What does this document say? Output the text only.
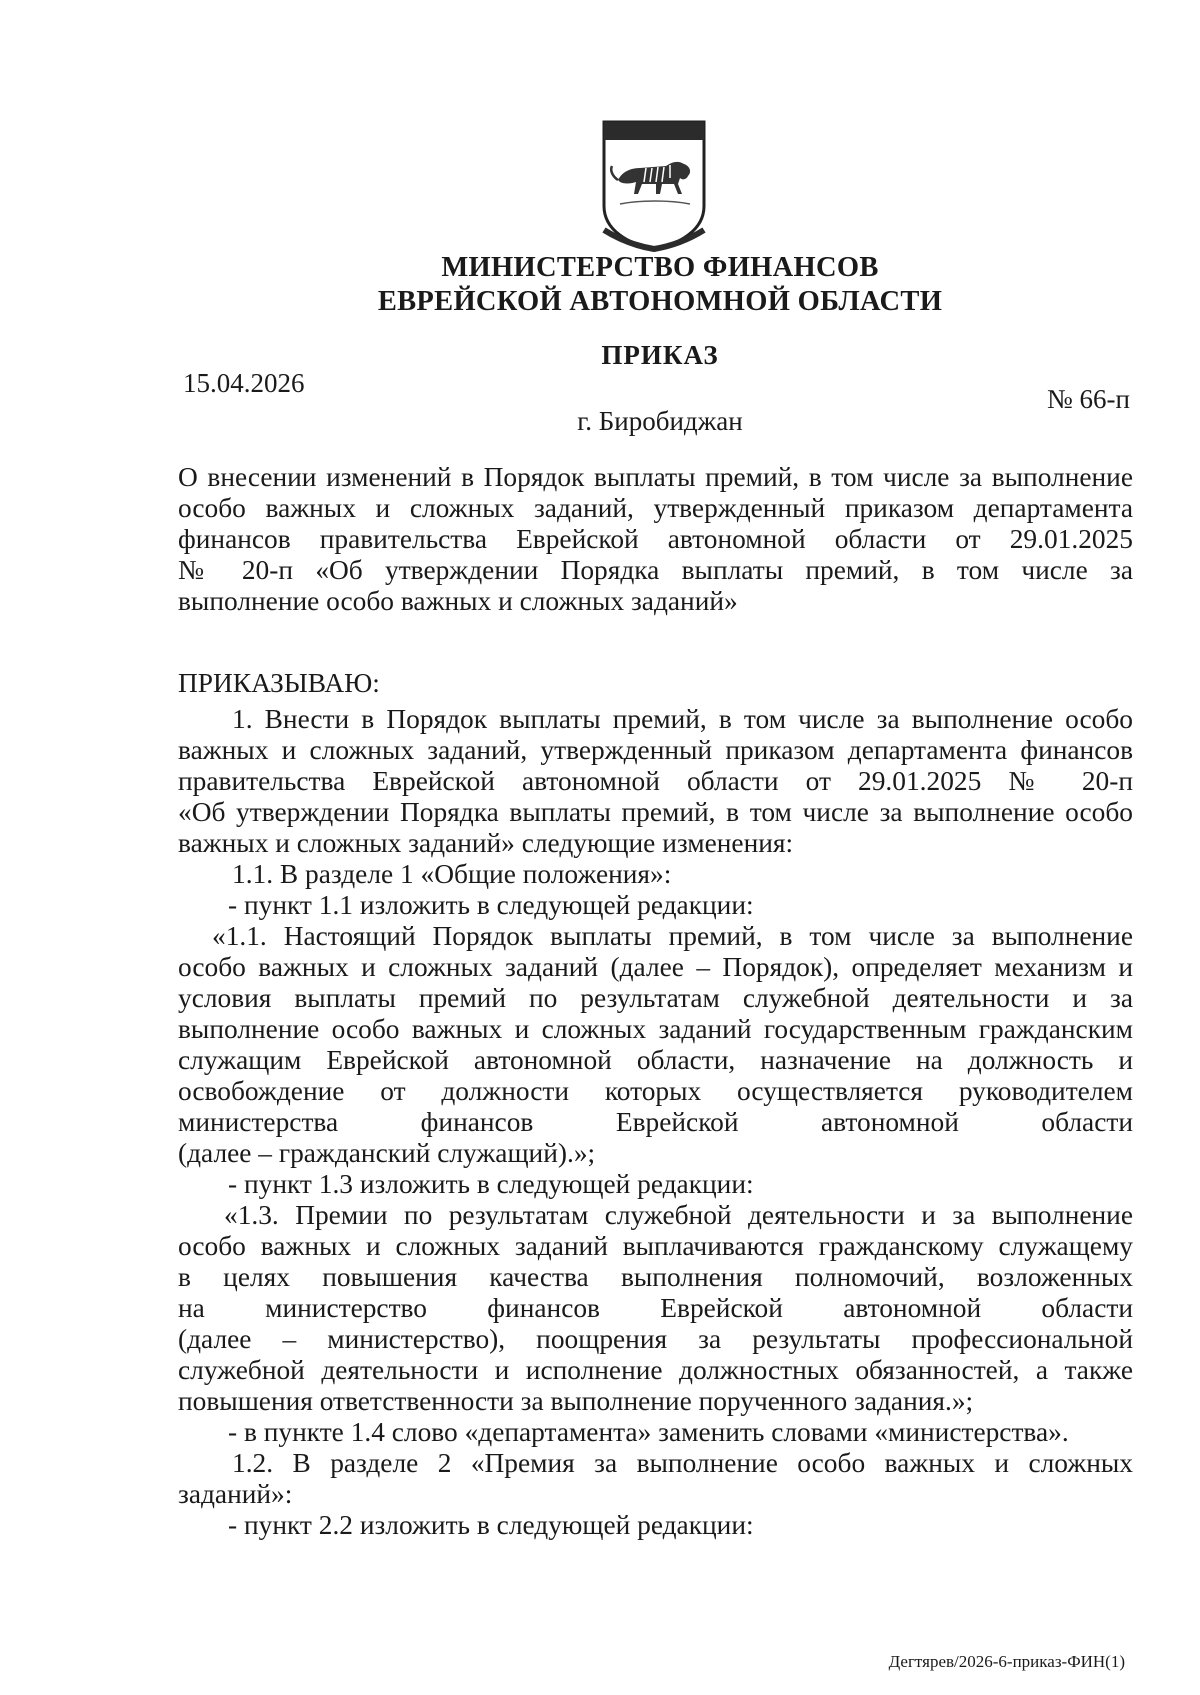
МИНИСТЕРСТВО ФИНАНСОВ
ЕВРЕЙСКОЙ АВТОНОМНОЙ ОБЛАСТИ
ПРИКАЗ
15.04.2026
№ 66-п
г. Биробиджан
О внесении изменений в Порядок выплаты премий, в том числе за выполнение
особо важных и сложных заданий, утвержденный приказом департамента
финансов правительства Еврейской автономной области от 29.01.2025
№ 20-п «Об утверждении Порядка выплаты премий, в том числе за
выполнение особо важных и сложных заданий»
ПРИКАЗЫВАЮ:
1. Внести в Порядок выплаты премий, в том числе за выполнение особо
важных и сложных заданий, утвержденный приказом департамента финансов
правительства Еврейской автономной области от 29.01.2025 № 20-п
«Об утверждении Порядка выплаты премий, в том числе за выполнение особо
важных и сложных заданий» следующие изменения:
1.1. В разделе 1 «Общие положения»:
- пункт 1.1 изложить в следующей редакции:
«1.1. Настоящий Порядок выплаты премий, в том числе за выполнение
особо важных и сложных заданий (далее – Порядок), определяет механизм и
условия выплаты премий по результатам служебной деятельности и за
выполнение особо важных и сложных заданий государственным гражданским
служащим Еврейской автономной области, назначение на должность и
освобождение от должности которых осуществляется руководителем
министерства финансов Еврейской автономной области
(далее – гражданский служащий).»;
- пункт 1.3 изложить в следующей редакции:
«1.3. Премии по результатам служебной деятельности и за выполнение
особо важных и сложных заданий выплачиваются гражданскому служащему
в целях повышения качества выполнения полномочий, возложенных
на министерство финансов Еврейской автономной области
(далее – министерство), поощрения за результаты профессиональной
служебной деятельности и исполнение должностных обязанностей, а также
повышения ответственности за выполнение порученного задания.»;
- в пункте 1.4 слово «департамента» заменить словами «министерства».
1.2. В разделе 2 «Премия за выполнение особо важных и сложных
заданий»:
- пункт 2.2 изложить в следующей редакции:
Дегтярев/2026-6-приказ-ФИН(1)
